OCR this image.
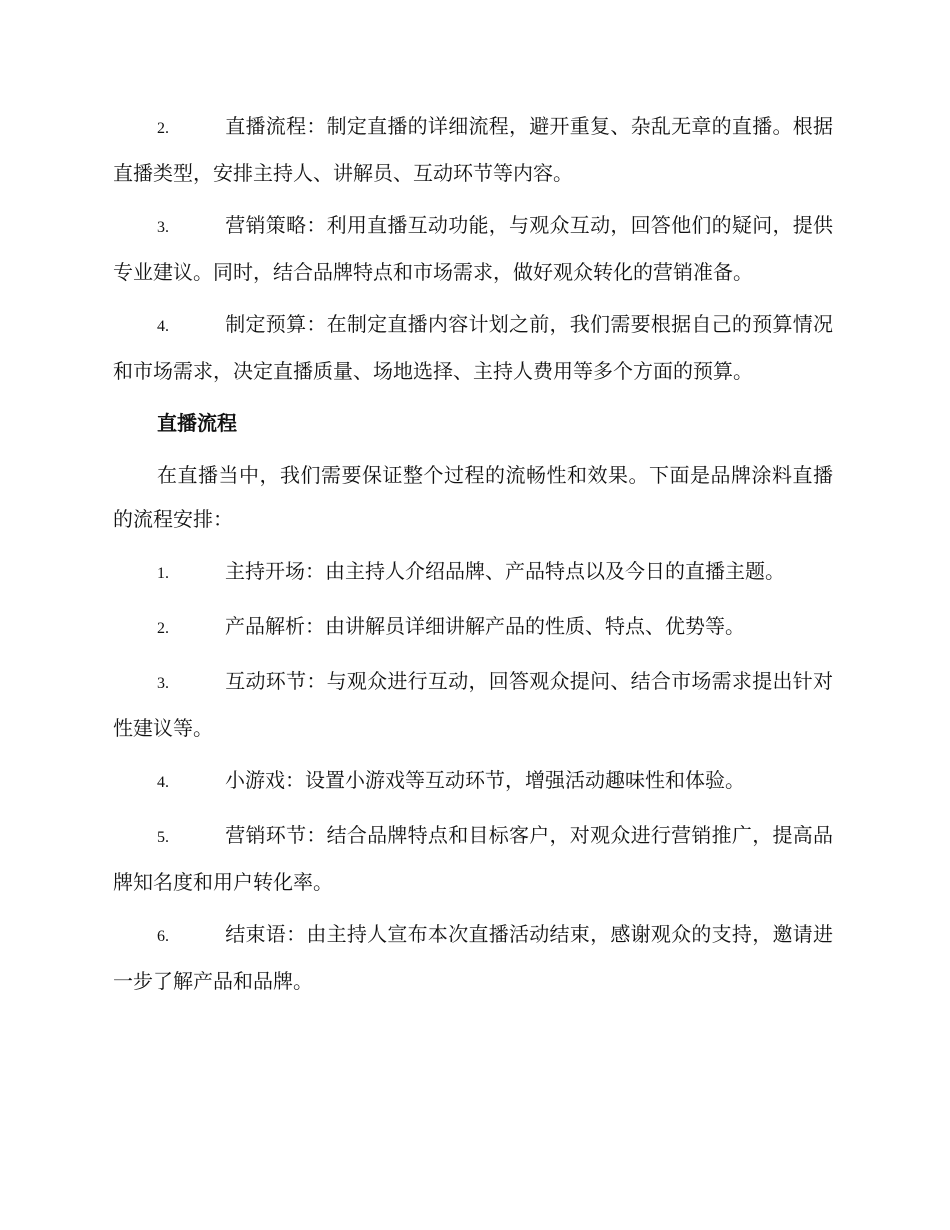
2.	直播流程：制定直播的详细流程，避开重复、杂乱无章的直播。根据直播类型，安排主持人、讲解员、互动环节等内容。

3.	营销策略：利用直播互动功能，与观众互动，回答他们的疑问，提供专业建议。同时，结合品牌特点和市场需求，做好观众转化的营销准备。

4.	制定预算：在制定直播内容计划之前，我们需要根据自己的预算情况和市场需求，决定直播质量、场地选择、主持人费用等多个方面的预算。

直播流程

在直播当中，我们需要保证整个过程的流畅性和效果。下面是品牌涂料直播的流程安排：

1.	主持开场：由主持人介绍品牌、产品特点以及今日的直播主题。

2.	产品解析：由讲解员详细讲解产品的性质、特点、优势等。

3.	互动环节：与观众进行互动，回答观众提问、结合市场需求提出针对性建议等。

4.	小游戏：设置小游戏等互动环节，增强活动趣味性和体验。

5.	营销环节：结合品牌特点和目标客户，对观众进行营销推广，提高品牌知名度和用户转化率。

6.	结束语：由主持人宣布本次直播活动结束，感谢观众的支持，邀请进一步了解产品和品牌。
